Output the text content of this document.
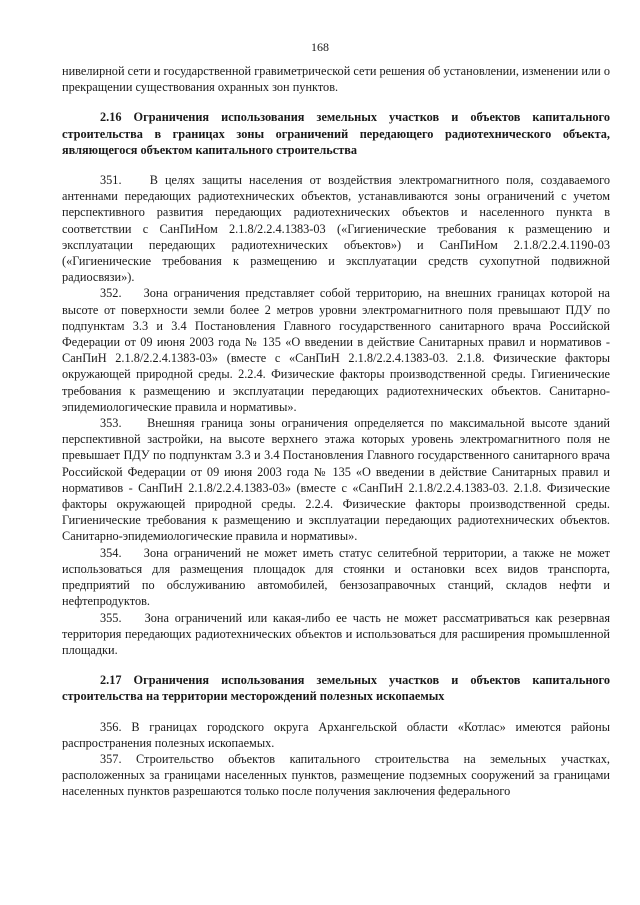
168

нивелирной сети и государственной гравиметрической сети решения об установлении, изменении или о прекращении существования охранных зон пунктов.

2.16 Ограничения использования земельных участков и объектов капитального строительства в границах зоны ограничений передающего радиотехнического объекта, являющегося объектом капитального строительства

351.    В целях защиты населения от воздействия электромагнитного поля, создаваемого антеннами передающих радиотехнических объектов, устанавливаются зоны ограничений с учетом перспективного развития передающих радиотехнических объектов и населенного пункта в соответствии с СанПиНом 2.1.8/2.2.4.1383-03 («Гигиенические требования к размещению и эксплуатации передающих радиотехнических объектов») и СанПиНом 2.1.8/2.2.4.1190-03 («Гигиенические требования к размещению и эксплуатации средств сухопутной подвижной радиосвязи»).

352.    Зона ограничения представляет собой территорию, на внешних границах которой на высоте от поверхности земли более 2 метров уровни электромагнитного поля превышают ПДУ по подпунктам 3.3 и 3.4 Постановления Главного государственного санитарного врача Российской Федерации от 09 июня 2003 года № 135 «О введении в действие Санитарных правил и нормативов - СанПиН 2.1.8/2.2.4.1383-03» (вместе с «СанПиН 2.1.8/2.2.4.1383-03. 2.1.8. Физические факторы окружающей природной среды. 2.2.4. Физические факторы производственной среды. Гигиенические требования к размещению и эксплуатации передающих радиотехнических объектов. Санитарно-эпидемиологические правила и нормативы».

353.    Внешняя граница зоны ограничения определяется по максимальной высоте зданий перспективной застройки, на высоте верхнего этажа которых уровень электромагнитного поля не превышает ПДУ по подпунктам 3.3 и 3.4 Постановления Главного государственного санитарного врача Российской Федерации от 09 июня 2003 года № 135 «О введении в действие Санитарных правил и нормативов - СанПиН 2.1.8/2.2.4.1383-03» (вместе с «СанПиН 2.1.8/2.2.4.1383-03. 2.1.8. Физические факторы окружающей природной среды. 2.2.4. Физические факторы производственной среды. Гигиенические требования к размещению и эксплуатации передающих радиотехнических объектов. Санитарно-эпидемиологические правила и нормативы».

354.    Зона ограничений не может иметь статус селитебной территории, а также не может использоваться для размещения площадок для стоянки и остановки всех видов транспорта, предприятий по обслуживанию автомобилей, бензозаправочных станций, складов нефти и нефтепродуктов.

355.    Зона ограничений или какая-либо ее часть не может рассматриваться как резервная территория передающих радиотехнических объектов и использоваться для расширения промышленной площадки.

2.17 Ограничения использования земельных участков и объектов капитального строительства на территории месторождений полезных ископаемых

356. В границах городского округа Архангельской области «Котлас» имеются районы распространения полезных ископаемых.

357. Строительство объектов капитального строительства на земельных участках, расположенных за границами населенных пунктов, размещение подземных сооружений за границами населенных пунктов разрешаются только после получения заключения федерального
